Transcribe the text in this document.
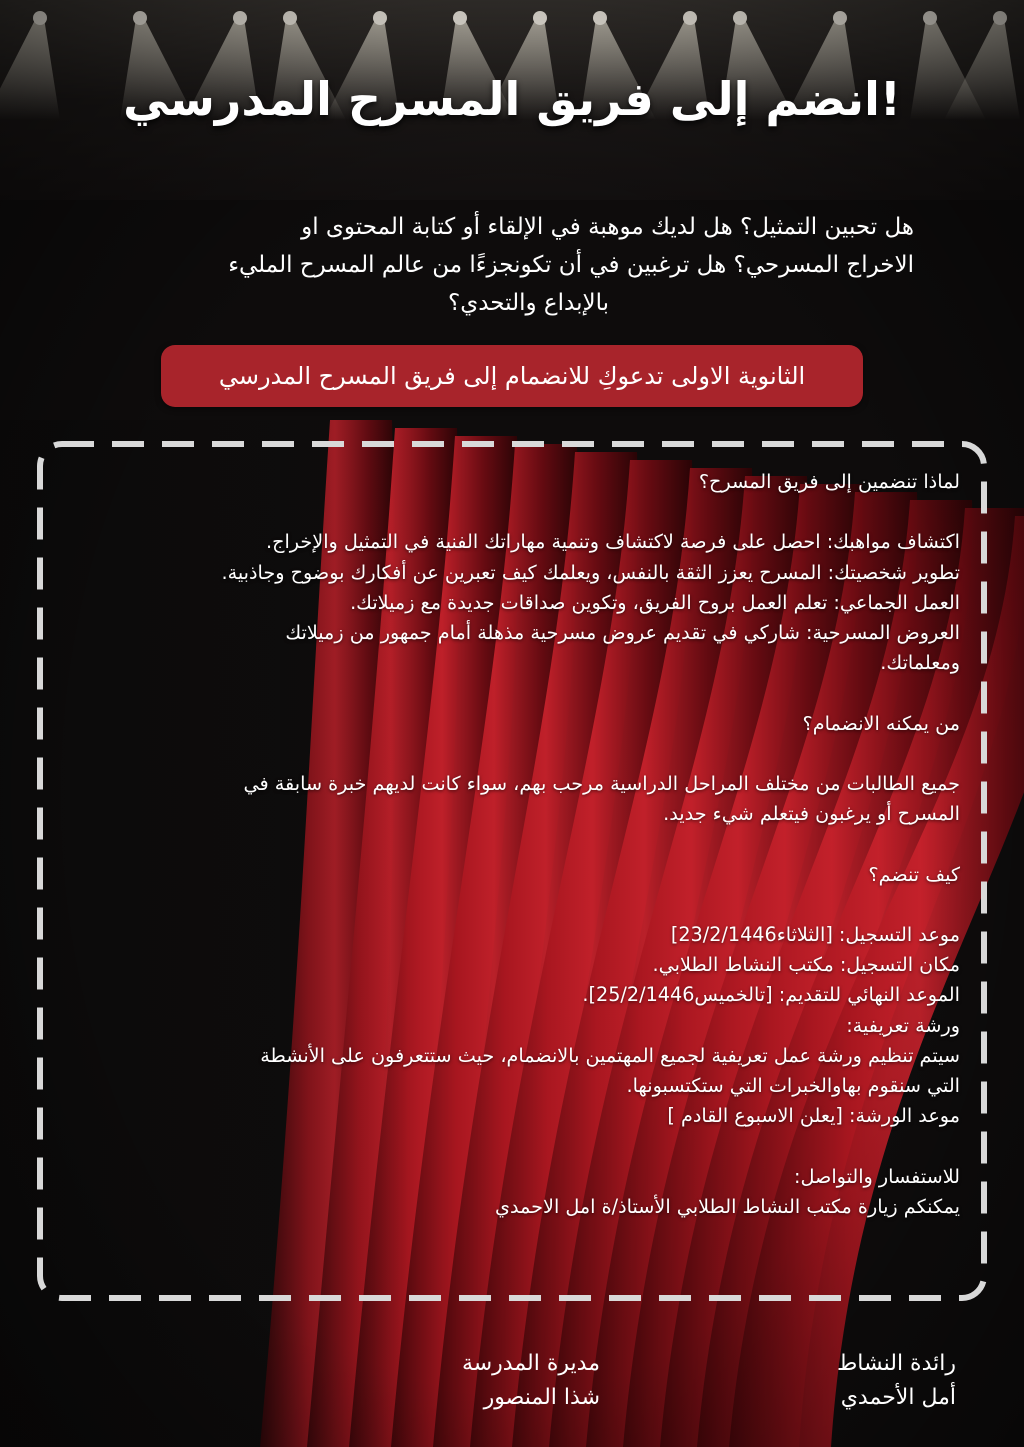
انضم إلى فريق المسرح المدرسي!
هل تحبين التمثيل؟ هل لديك موهبة في الإلقاء أو كتابة المحتوى او
الاخراج المسرحي؟ هل ترغبين في أن تكونجزءًا من عالم المسرح المليء
بالإبداع والتحدي؟
الثانوية الاولى تدعوكِ للانضمام إلى فريق المسرح المدرسي
لماذا تنضمين إلى فريق المسرح؟
اكتشاف مواهبك: احصل على فرصة لاكتشاف وتنمية مهاراتك الفنية في التمثيل والإخراج.
تطوير شخصيتك: المسرح يعزز الثقة بالنفس، ويعلمك كيف تعبرين عن أفكارك بوضوح وجاذبية.
العمل الجماعي: تعلم العمل بروح الفريق، وتكوين صداقات جديدة مع زميلاتك.
العروض المسرحية: شاركي في تقديم عروض مسرحية مذهلة أمام جمهور من زميلاتك
ومعلماتك.
من يمكنه الانضمام؟
جميع الطالبات من مختلف المراحل الدراسية مرحب بهم، سواء كانت لديهم خبرة سابقة في
المسرح أو يرغبون فيتعلم شيء جديد.
كيف تنضم؟
موعد التسجيل: [الثلاثاء23/2/1446]
مكان التسجيل: مكتب النشاط الطلابي.
الموعد النهائي للتقديم: [تالخميس25/2/1446].
ورشة تعريفية:
سيتم تنظيم ورشة عمل تعريفية لجميع المهتمين بالانضمام، حيث ستتعرفون على الأنشطة
التي سنقوم بهاوالخبرات التي ستكتسبونها.
موعد الورشة: [يعلن الاسبوع القادم ]
للاستفسار والتواصل:
يمكنكم زيارة مكتب النشاط الطلابي الأستاذ/ة امل الاحمدي
رائدة النشاط
أمل الأحمدي
مديرة المدرسة
شذا المنصور
